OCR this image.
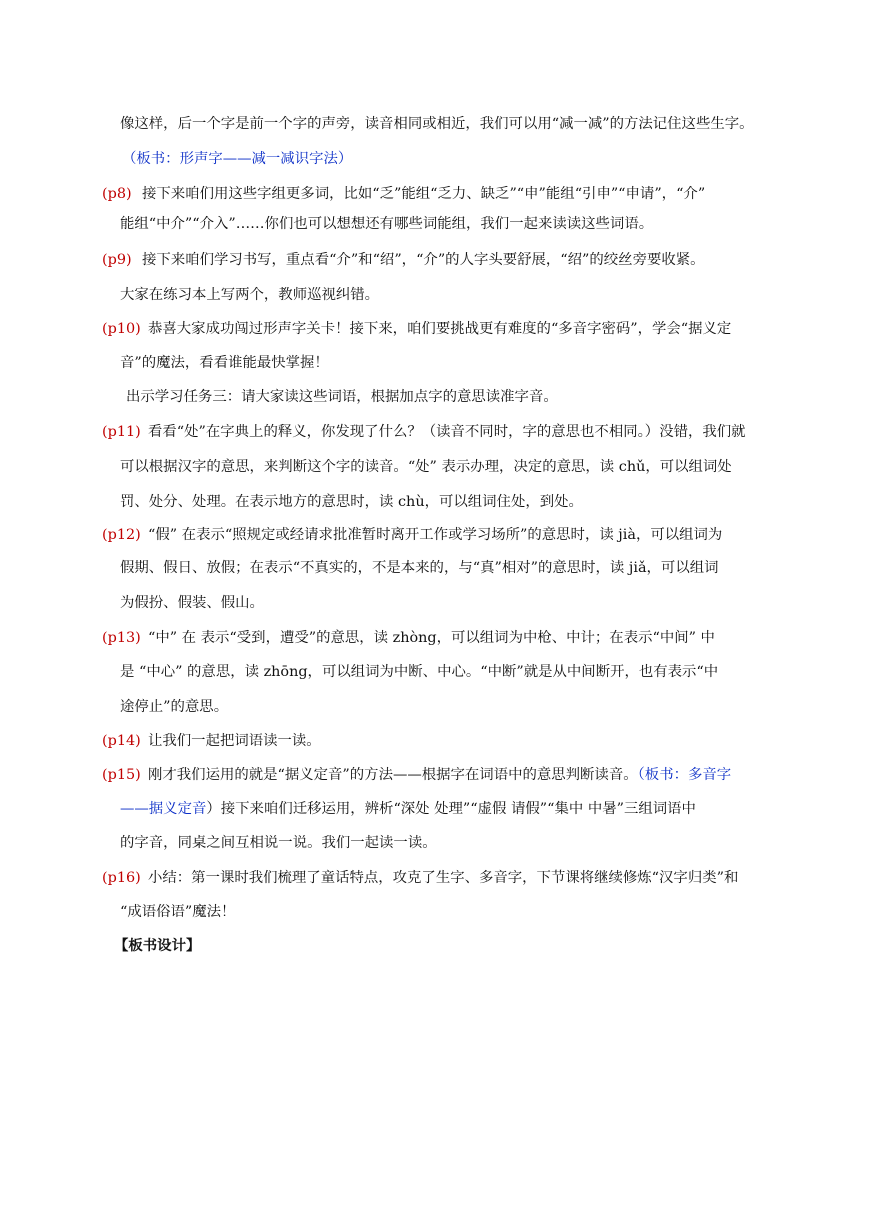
像这样，后一个字是前一个字的声旁，读音相同或相近，我们可以用“减一减”的方法记住这些生字。
（板书：形声字——减一减识字法）
(p8) 接下来咱们用这些字组更多词，比如“乏”能组“乏力、缺乏”“申”能组“引申”“申请”，“介”
能组“中介”“介入”……你们也可以想想还有哪些词能组，我们一起来读读这些词语。
(p9) 接下来咱们学习书写，重点看“介”和“绍”，“介”的人字头要舒展，“绍”的绞丝旁要收紧。
大家在练习本上写两个，教师巡视纠错。
(p10) 恭喜大家成功闯过形声字关卡！接下来，咱们要挑战更有难度的“多音字密码”，学会“据义定
音”的魔法，看看谁能最快掌握！
出示学习任务三：请大家读这些词语，根据加点字的意思读准字音。
(p11) 看看“处”在字典上的释义，你发现了什么？（读音不同时，字的意思也不相同。）没错，我们就
可以根据汉字的意思，来判断这个字的读音。“处” 表示办理，决定的意思，读 chǔ，可以组词处
罚、处分、处理。在表示地方的意思时，读 chù，可以组词住处，到处。
(p12) “假” 在表示“照规定或经请求批准暂时离开工作或学习场所”的意思时，读 jià，可以组词为
假期、假日、放假；在表示“不真实的，不是本来的，与“真”相对”的意思时，读 jiǎ，可以组词
为假扮、假装、假山。
(p13) “中” 在 表示“受到，遭受”的意思，读 zhòng，可以组词为中枪、中计；在表示“中间” 中
是 “中心” 的意思，读 zhōng，可以组词为中断、中心。“中断”就是从中间断开，也有表示“中
途停止”的意思。
(p14) 让我们一起把词语读一读。
(p15) 刚才我们运用的就是“据义定音”的方法——根据字在词语中的意思判断读音。（板书：多音字
——据义定音）接下来咱们迁移运用，辨析“深处 处理”“虚假 请假”“集中 中暑”三组词语中
的字音，同桌之间互相说一说。我们一起读一读。
(p16) 小结：第一课时我们梳理了童话特点，攻克了生字、多音字，下节课将继续修炼“汉字归类”和
“成语俗语”魔法！
【板书设计】
